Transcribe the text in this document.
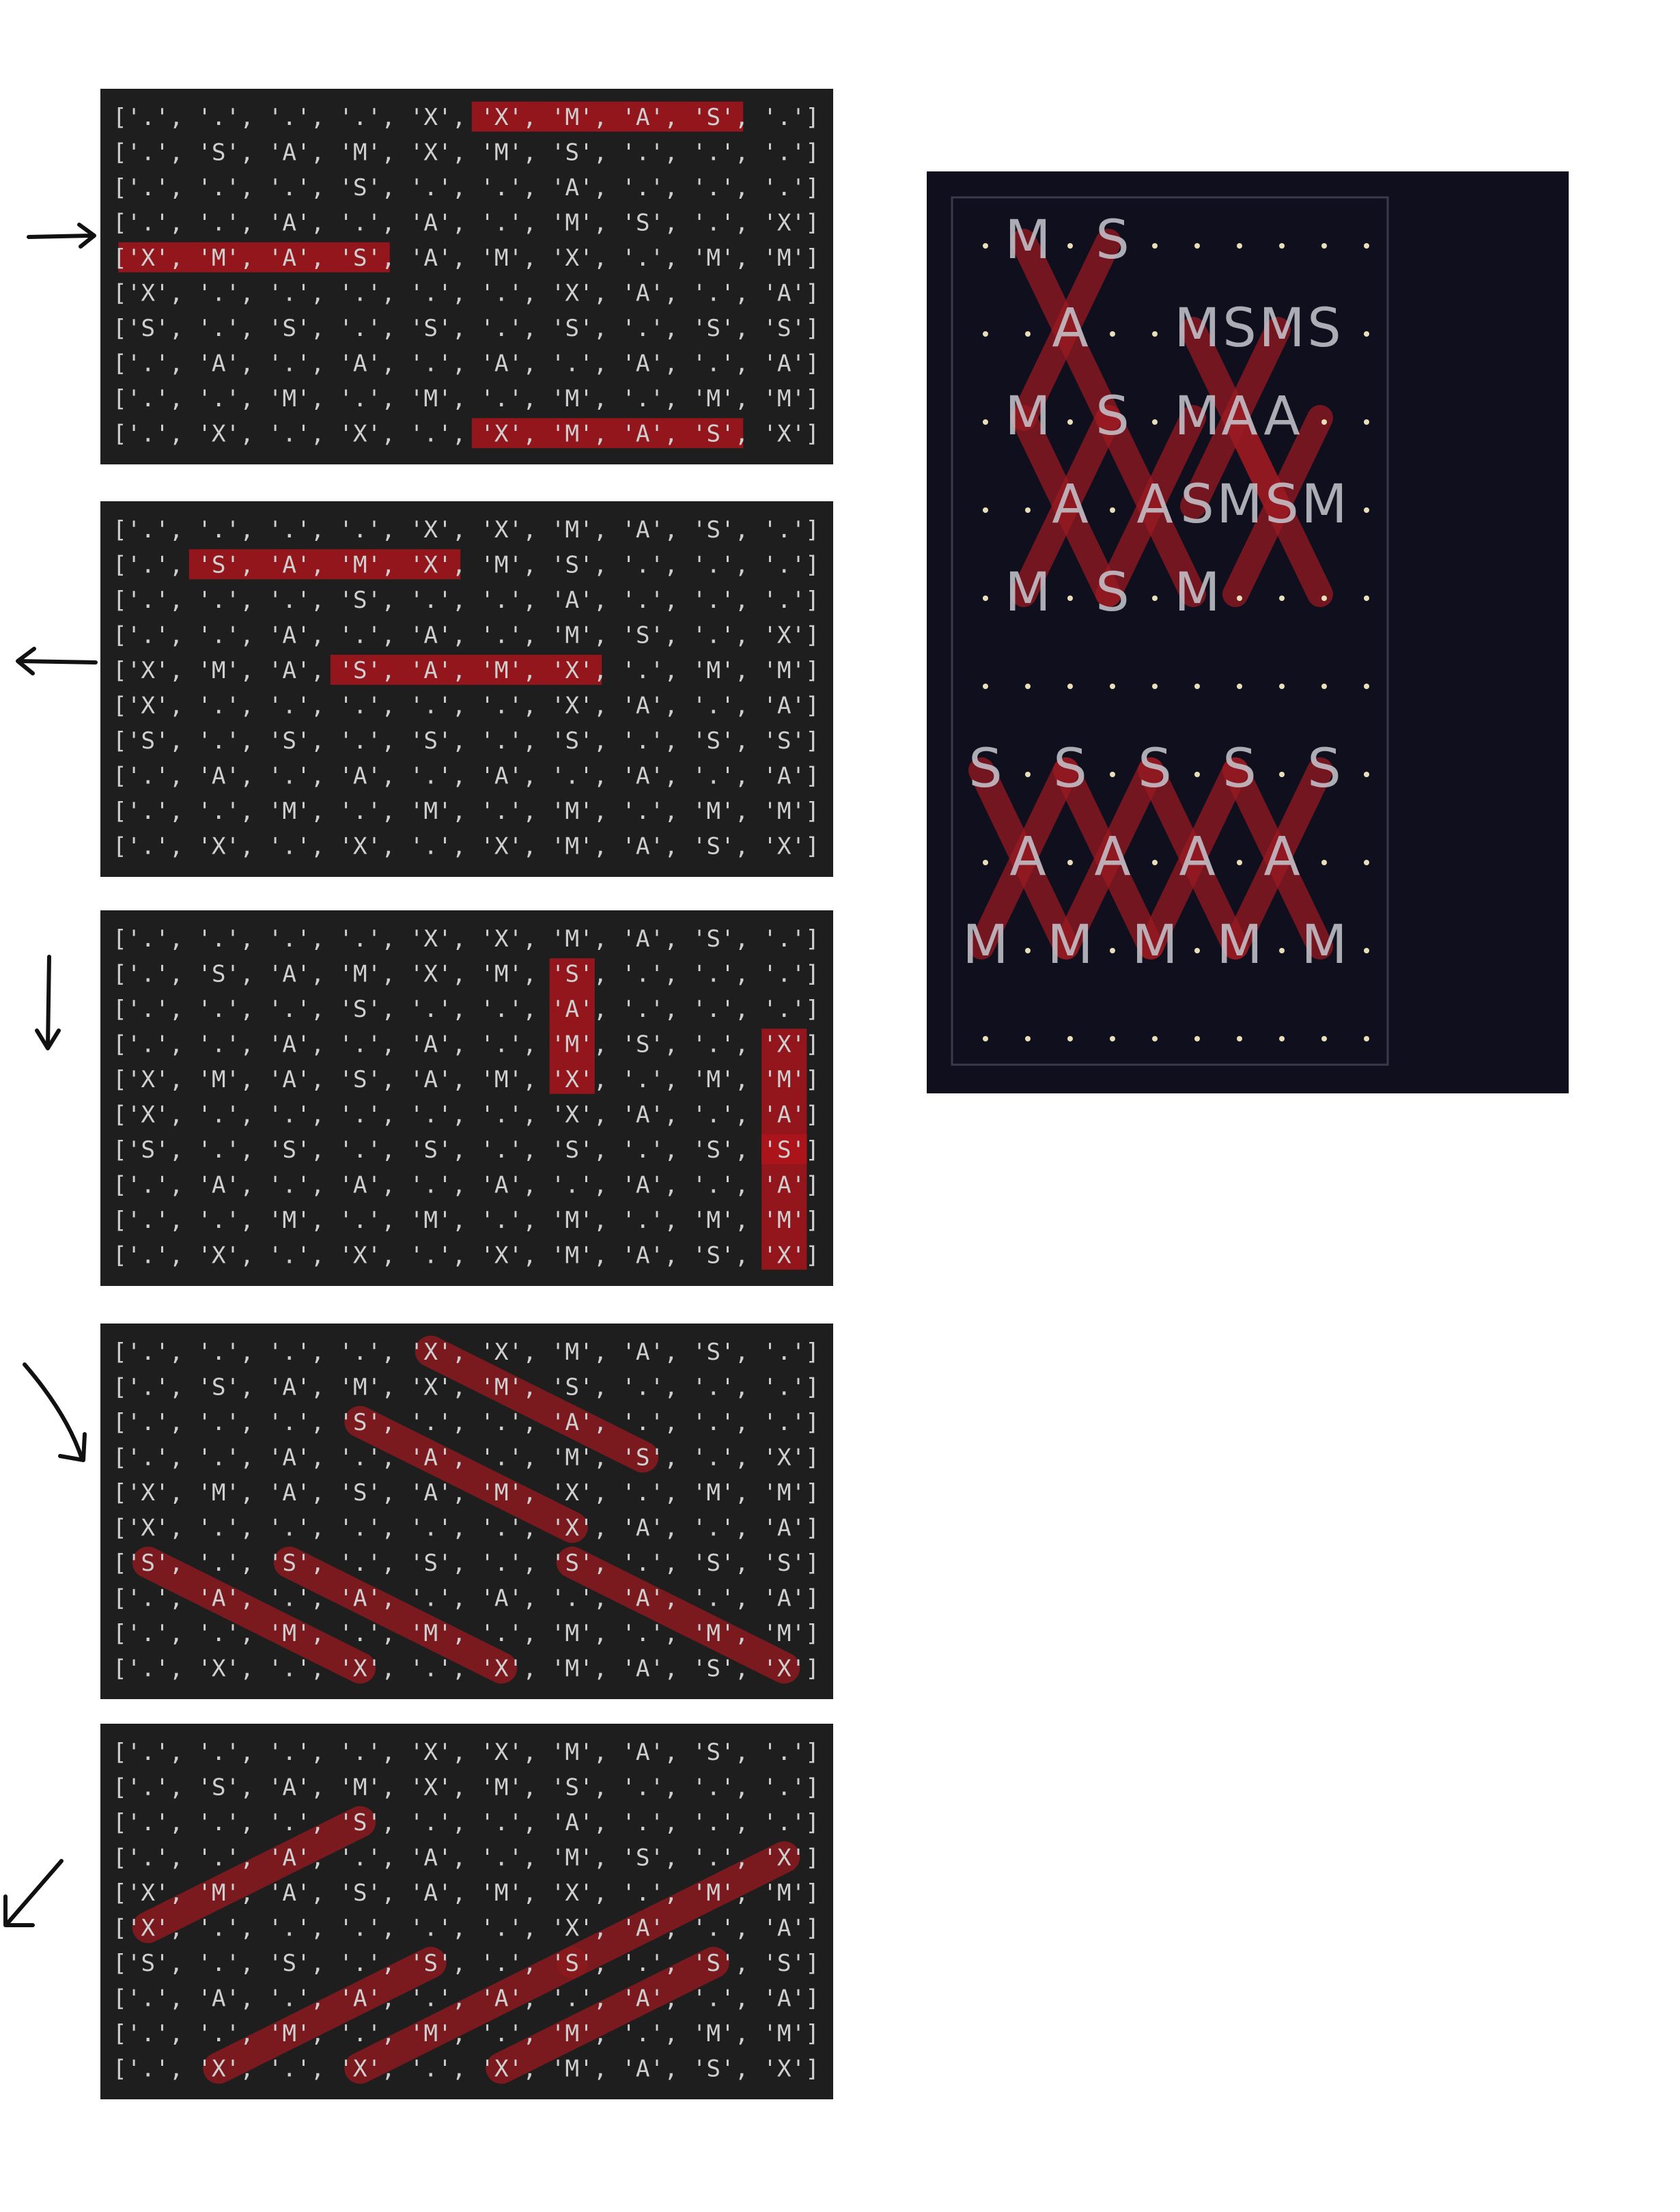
['.', '.', '.', '.', 'X', 'X', 'M', 'A', 'S', '.']
['.', 'S', 'A', 'M', 'X', 'M', 'S', '.', '.', '.']
['.', '.', '.', 'S', '.', '.', 'A', '.', '.', '.']
['.', '.', 'A', '.', 'A', '.', 'M', 'S', '.', 'X']
['X', 'M', 'A', 'S', 'A', 'M', 'X', '.', 'M', 'M']
['X', '.', '.', '.', '.', '.', 'X', 'A', '.', 'A']
['S', '.', 'S', '.', 'S', '.', 'S', '.', 'S', 'S']
['.', 'A', '.', 'A', '.', 'A', '.', 'A', '.', 'A']
['.', '.', 'M', '.', 'M', '.', 'M', '.', 'M', 'M']
['.', 'X', '.', 'X', '.', 'X', 'M', 'A', 'S', 'X']
['.', '.', '.', '.', 'X', 'X', 'M', 'A', 'S', '.']
['.', 'S', 'A', 'M', 'X', 'M', 'S', '.', '.', '.']
['.', '.', '.', 'S', '.', '.', 'A', '.', '.', '.']
['.', '.', 'A', '.', 'A', '.', 'M', 'S', '.', 'X']
['X', 'M', 'A', 'S', 'A', 'M', 'X', '.', 'M', 'M']
['X', '.', '.', '.', '.', '.', 'X', 'A', '.', 'A']
['S', '.', 'S', '.', 'S', '.', 'S', '.', 'S', 'S']
['.', 'A', '.', 'A', '.', 'A', '.', 'A', '.', 'A']
['.', '.', 'M', '.', 'M', '.', 'M', '.', 'M', 'M']
['.', 'X', '.', 'X', '.', 'X', 'M', 'A', 'S', 'X']
['.', '.', '.', '.', 'X', 'X', 'M', 'A', 'S', '.']
['.', 'S', 'A', 'M', 'X', 'M', 'S', '.', '.', '.']
['.', '.', '.', 'S', '.', '.', 'A', '.', '.', '.']
['.', '.', 'A', '.', 'A', '.', 'M', 'S', '.', 'X']
['X', 'M', 'A', 'S', 'A', 'M', 'X', '.', 'M', 'M']
['X', '.', '.', '.', '.', '.', 'X', 'A', '.', 'A']
['S', '.', 'S', '.', 'S', '.', 'S', '.', 'S', 'S']
['.', 'A', '.', 'A', '.', 'A', '.', 'A', '.', 'A']
['.', '.', 'M', '.', 'M', '.', 'M', '.', 'M', 'M']
['.', 'X', '.', 'X', '.', 'X', 'M', 'A', 'S', 'X']
['.', '.', '.', '.', 'X', 'X', 'M', 'A', 'S', '.']
['.', 'S', 'A', 'M', 'X', 'M', 'S', '.', '.', '.']
['.', '.', '.', 'S', '.', '.', 'A', '.', '.', '.']
['.', '.', 'A', '.', 'A', '.', 'M', 'S', '.', 'X']
['X', 'M', 'A', 'S', 'A', 'M', 'X', '.', 'M', 'M']
['X', '.', '.', '.', '.', '.', 'X', 'A', '.', 'A']
['S', '.', 'S', '.', 'S', '.', 'S', '.', 'S', 'S']
['.', 'A', '.', 'A', '.', 'A', '.', 'A', '.', 'A']
['.', '.', 'M', '.', 'M', '.', 'M', '.', 'M', 'M']
['.', 'X', '.', 'X', '.', 'X', 'M', 'A', 'S', 'X']
['.', '.', '.', '.', 'X', 'X', 'M', 'A', 'S', '.']
['.', 'S', 'A', 'M', 'X', 'M', 'S', '.', '.', '.']
['.', '.', '.', 'S', '.', '.', 'A', '.', '.', '.']
['.', '.', 'A', '.', 'A', '.', 'M', 'S', '.', 'X']
['X', 'M', 'A', 'S', 'A', 'M', 'X', '.', 'M', 'M']
['X', '.', '.', '.', '.', '.', 'X', 'A', '.', 'A']
['S', '.', 'S', '.', 'S', '.', 'S', '.', 'S', 'S']
['.', 'A', '.', 'A', '.', 'A', '.', 'A', '.', 'A']
['.', '.', 'M', '.', 'M', '.', 'M', '.', 'M', 'M']
['.', 'X', '.', 'X', '.', 'X', 'M', 'A', 'S', 'X']
M S
A M S M S
M S M A A
A A S M S M
M S M
S S S S S
A A A A
M M M M M
